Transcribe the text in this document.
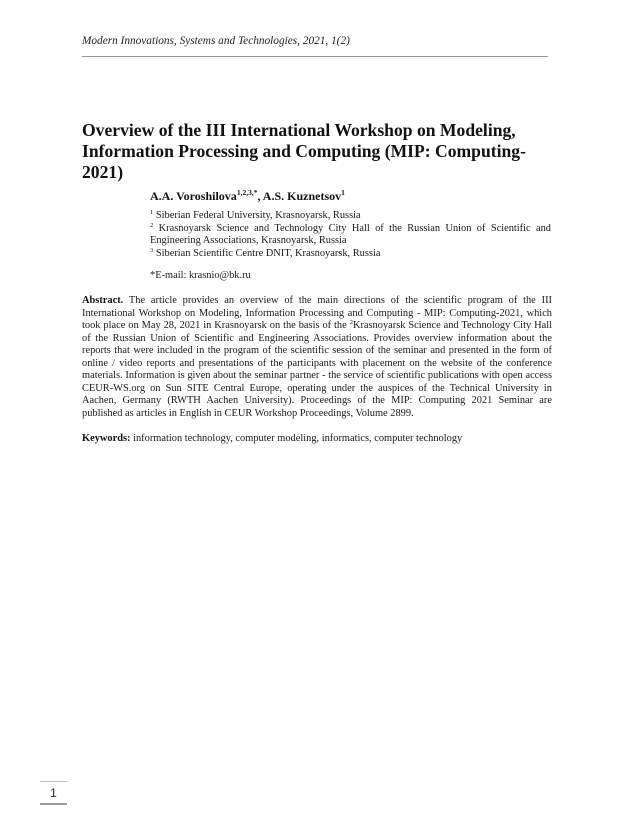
Modern Innovations, Systems and Technologies, 2021, 1(2)
Overview of the III International Workshop on Modeling,
Information Processing and Computing (MIP: Computing-2021)
A.A. Voroshilova$^{1,2,3,*}$, A.S. Kuznetsov$^1$

$^1$ Siberian Federal University, Krasnoyarsk, Russia

$^2$ Krasnoyarsk Science and Technology City Hall of the Russian Union of Scientific and Engineering Associations, Krasnoyarsk, Russia

$^3$ Siberian Scientific Centre DNIT, Krasnoyarsk, Russia

*E-mail: krasnio@bk.ru

Abstract. The article provides an overview of the main directions of the scientific program of the III International Workshop on Modeling, Information Processing and Computing - MIP: Computing-2021, which took place on May 28, 2021 in Krasnoyarsk on the basis of the $^2$Krasnoyarsk Science and Technology City Hall of the Russian Union of Scientific and Engineering Associations. Provides overview information about the reports that were included in the program of the scientific session of the seminar and presented in the form of online / video reports and presentations of the participants with placement on the website of the conference materials. Information is given about the seminar partner - the service of scientific publications with open access CEUR-WS.org on Sun SITE Central Europe, operating under the auspices of the Technical University in Aachen, Germany (RWTH Aachen University). Proceedings of the MIP: Computing 2021 Seminar are published as articles in English in CEUR Workshop Proceedings, Volume 2899.

Keywords: information technology, computer modeling, informatics, computer technology

1
